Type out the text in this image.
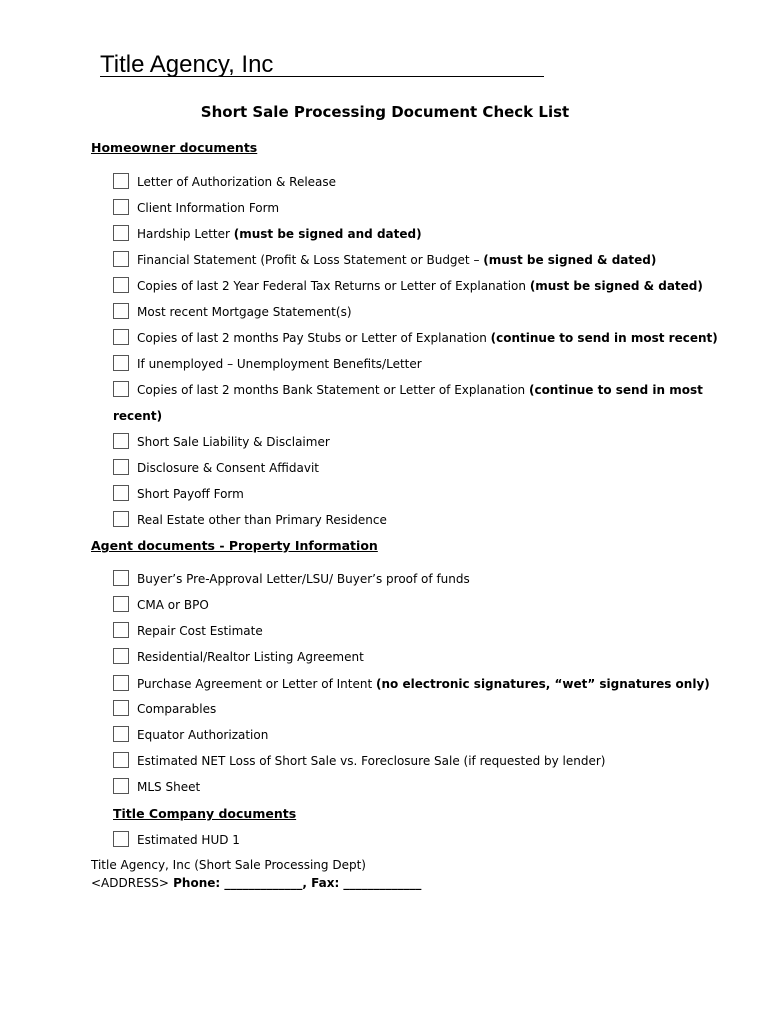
Title Agency, Inc
Short Sale Processing Document Check List
Homeowner documents
Letter of Authorization & Release
Client Information Form
Hardship Letter (must be signed and dated)
Financial Statement (Profit & Loss Statement or Budget – (must be signed & dated)
Copies of last 2 Year Federal Tax Returns or Letter of Explanation (must be signed & dated)
Most recent Mortgage Statement(s)
Copies of last 2 months Pay Stubs or Letter of Explanation (continue to send in most recent)
If unemployed – Unemployment Benefits/Letter
Copies of last 2 months Bank Statement or Letter of Explanation (continue to send in most
recent)
Short Sale Liability & Disclaimer
Disclosure & Consent Affidavit
Short Payoff Form
Real Estate other than Primary Residence
Agent documents - Property Information
Buyer’s Pre-Approval Letter/LSU/ Buyer’s proof of funds
CMA or BPO
Repair Cost Estimate
Residential/Realtor Listing Agreement
Purchase Agreement or Letter of Intent (no electronic signatures, “wet” signatures only)
Comparables
Equator Authorization
Estimated NET Loss of Short Sale vs. Foreclosure Sale (if requested by lender)
MLS Sheet
Title Company documents
Estimated HUD 1
Title Agency, Inc (Short Sale Processing Dept)
<ADDRESS> Phone: _____________, Fax: _____________
